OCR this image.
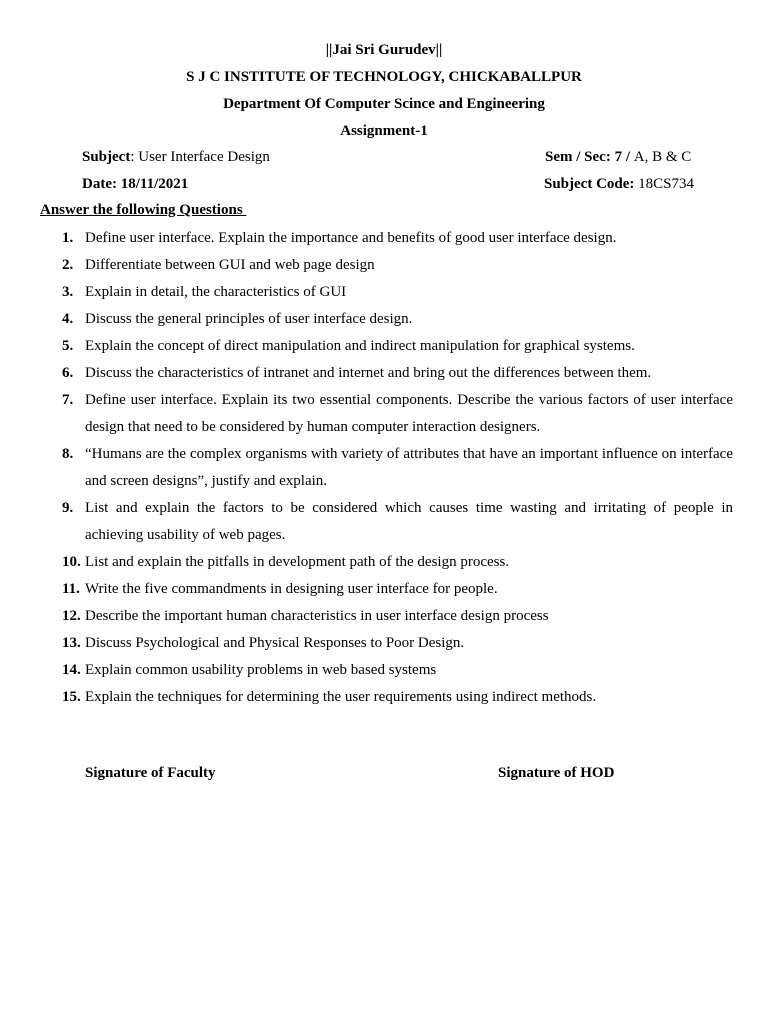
||Jai Sri Gurudev||
S J C INSTITUTE OF TECHNOLOGY, CHICKABALLPUR
Department Of Computer Scince and Engineering
Assignment-1
Subject: User Interface Design	Sem / Sec: 7 / A, B & C
Date: 18/11/2021	Subject Code: 18CS734
Answer the following Questions
1. Define user interface. Explain the importance and benefits of good user interface design.
2. Differentiate between GUI and web page design
3. Explain in detail, the characteristics of GUI
4. Discuss the general principles of user interface design.
5. Explain the concept of direct manipulation and indirect manipulation for graphical systems.
6. Discuss the characteristics of intranet and internet and bring out the differences between them.
7. Define user interface. Explain its two essential components. Describe the various factors of user interface design that need to be considered by human computer interaction designers.
8. “Humans are the complex organisms with variety of attributes that have an important influence on interface and screen designs”, justify and explain.
9. List and explain the factors to be considered which causes time wasting and irritating of people in achieving usability of web pages.
10. List and explain the pitfalls in development path of the design process.
11. Write the five commandments in designing user interface for people.
12. Describe the important human characteristics in user interface design process
13. Discuss Psychological and Physical Responses to Poor Design.
14. Explain common usability problems in web based systems
15. Explain the techniques for determining the user requirements using indirect methods.
Signature of Faculty	Signature of HOD
